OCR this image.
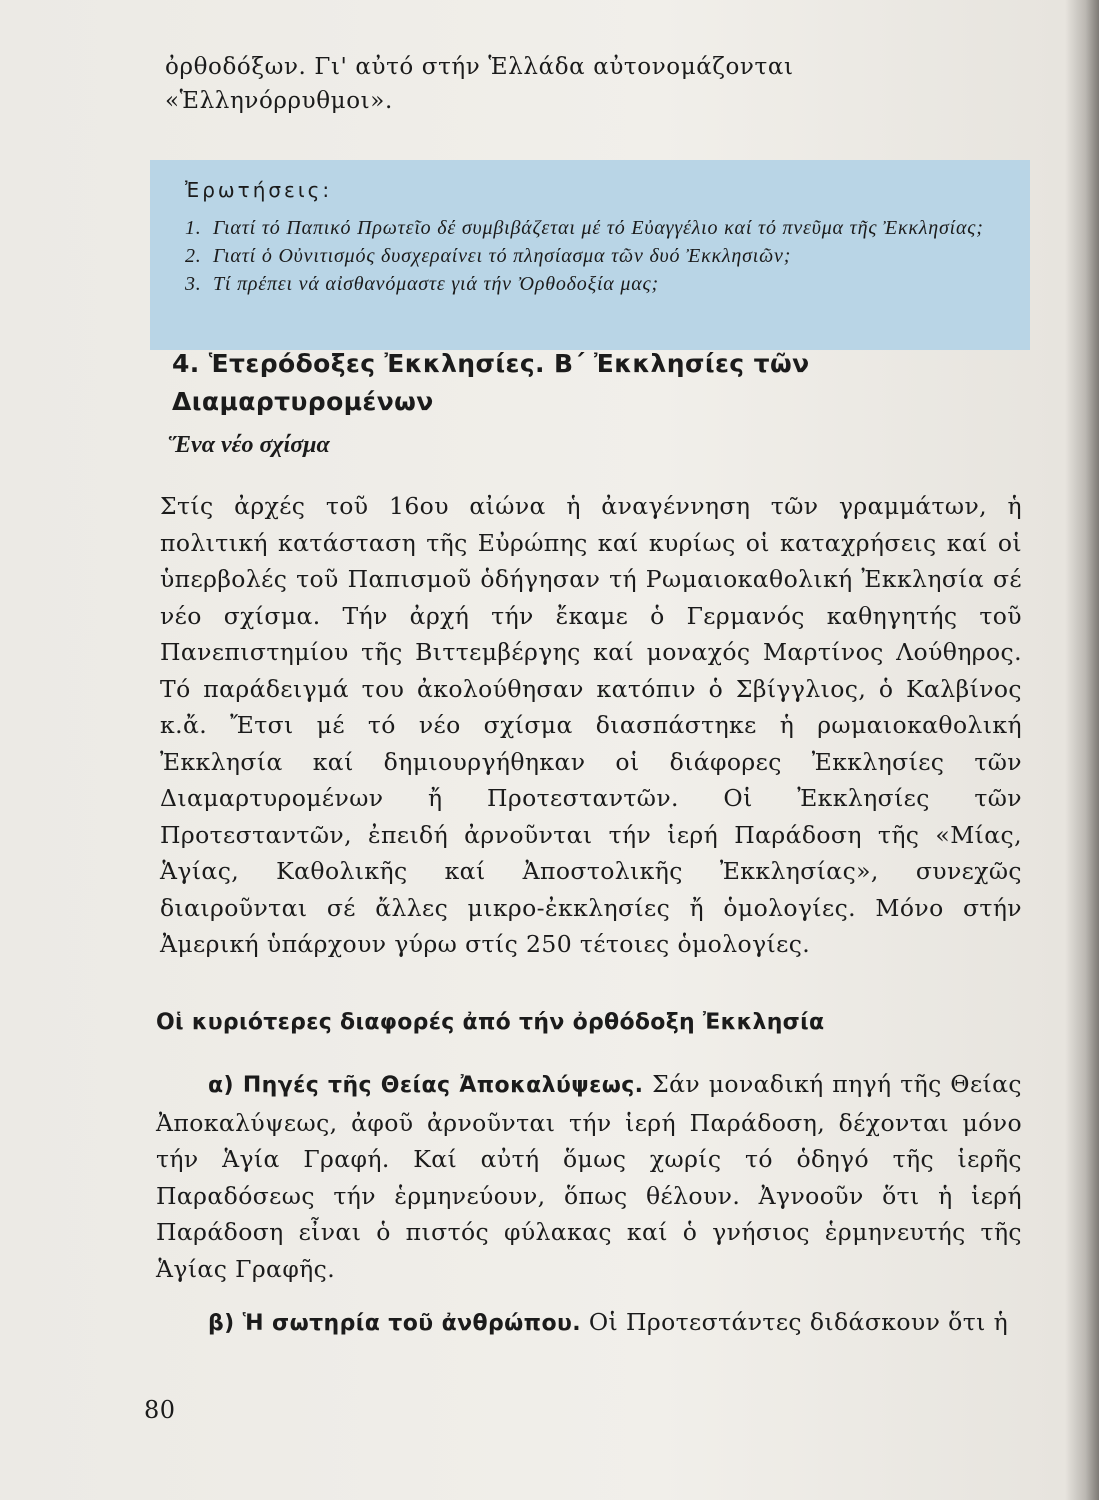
ὀρθοδόξων. Γι' αὐτό στήν Ἑλλάδα αὐτονομάζονται «Ἑλληνόρρυθμοι».

Ἐρωτήσεις:
1. Γιατί τό Παπικό Πρωτεῖο δέ συμβιβάζεται μέ τό Εὐαγγέλιο καί τό πνεῦμα τῆς Ἐκκλησίας;
2. Γιατί ὁ Οὐνιτισμός δυσχεραίνει τό πλησίασμα τῶν δυό Ἐκκλησιῶν;
3. Τί πρέπει νά αἰσθανόμαστε γιά τήν Ὀρθοδοξία μας;
4. Ἑτερόδοξες Ἐκκλησίες. Β΄ Ἐκκλησίες τῶν Διαμαρτυρομένων
Ἕνα νέο σχίσμα

Στίς ἀρχές τοῦ 16ου αἰώνα ἡ ἀναγέννηση τῶν γραμμάτων, ἡ πολιτική κατάσταση τῆς Εὐρώπης καί κυρίως οἱ καταχρήσεις καί οἱ ὑπερβολές τοῦ Παπισμοῦ ὁδήγησαν τή Ρωμαιοκαθολική Ἐκκλησία σέ νέο σχίσμα. Τήν ἀρχή τήν ἔκαμε ὁ Γερμανός καθηγητής τοῦ Πανεπιστημίου τῆς Βιττεμβέργης καί μοναχός Μαρτίνος Λούθηρος. Τό παράδειγμά του ἀκολούθησαν κατόπιν ὁ Σβίγγλιος, ὁ Καλβίνος κ.ἄ. Ἔτσι μέ τό νέο σχίσμα διασπάστηκε ἡ ρωμαιοκαθολική Ἐκκλησία καί δημιουργήθηκαν οἱ διάφορες Ἐκκλησίες τῶν Διαμαρτυρομένων ἤ Προτεσταντῶν. Οἱ Ἐκκλησίες τῶν Προτεσταντῶν, ἐπειδή ἀρνοῦνται τήν ἱερή Παράδοση τῆς «Μίας, Ἁγίας, Καθολικῆς καί Ἀποστολικῆς Ἐκκλησίας», συνεχῶς διαιροῦνται σέ ἄλλες μικρο-ἐκκλησίες ἤ ὁμολογίες. Μόνο στήν Ἀμερική ὑπάρχουν γύρω στίς 250 τέτοιες ὁμολογίες.

Οἱ κυριότερες διαφορές ἀπό τήν ὀρθόδοξη Ἐκκλησία

α) Πηγές τῆς Θείας Ἀποκαλύψεως. Σάν μοναδική πηγή τῆς Θείας Ἀποκαλύψεως, ἀφοῦ ἀρνοῦνται τήν ἱερή Παράδοση, δέχονται μόνο τήν Ἁγία Γραφή. Καί αὐτή ὅμως χωρίς τό ὁδηγό τῆς ἱερῆς Παραδόσεως τήν ἑρμηνεύουν, ὅπως θέλουν. Ἀγνοοῦν ὅτι ἡ ἱερή Παράδοση εἶναι ὁ πιστός φύλακας καί ὁ γνήσιος ἑρμηνευτής τῆς Ἁγίας Γραφῆς.

β) Ἡ σωτηρία τοῦ ἀνθρώπου. Οἱ Προτεστάντες διδάσκουν ὅτι ἡ

80
